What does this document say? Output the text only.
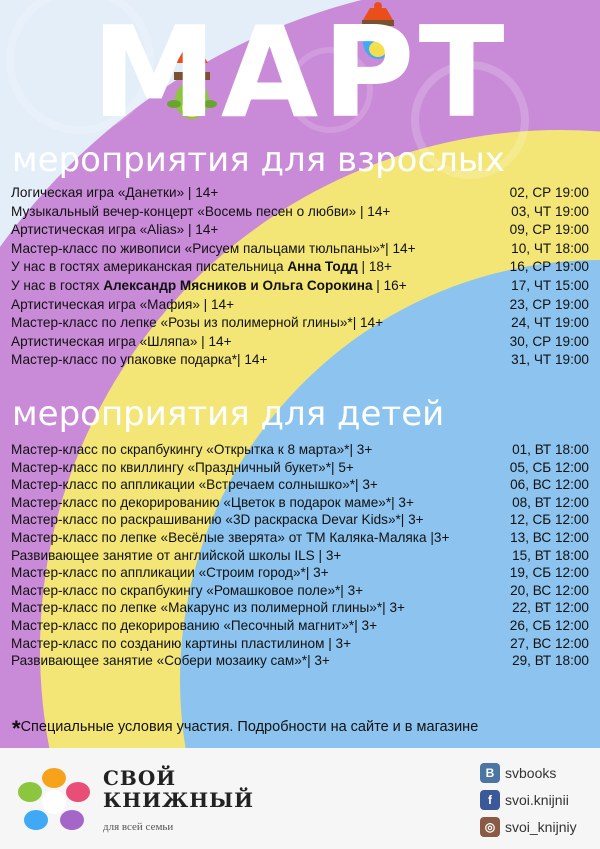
МАРТ
мероприятия для взрослых
Логическая игра «Данетки» | 14+	02, СР 19:00
Музыкальный вечер-концерт «Восемь песен о любви» | 14+	03, ЧТ 19:00
Артистическая игра «Alias» | 14+	09, СР 19:00
Мастер-класс по живописи «Рисуем пальцами тюльпаны»*| 14+	10, ЧТ 18:00
У нас в гостях американская писательница Анна Тодд | 18+	16, СР 19:00
У нас в гостях Александр Мясников и Ольга Сорокина | 16+	17, ЧТ 15:00
Артистическая игра «Мафия» | 14+	23, СР 19:00
Мастер-класс по лепке «Розы из полимерной глины»*| 14+	24, ЧТ 19:00
Артистическая игра «Шляпа» | 14+	30, СР 19:00
Мастер-класс по упаковке подарка*| 14+	31, ЧТ 19:00
мероприятия для детей
Мастер-класс по скрапбукингу «Открытка к 8 марта»*| 3+	01, ВТ 18:00
Мастер-класс по квиллингу «Праздничный букет»*| 5+	05, СБ 12:00
Мастер-класс по аппликации «Встречаем солнышко»*| 3+	06, ВС 12:00
Мастер-класс по декорированию «Цветок в подарок маме»*| 3+	08, ВТ 12:00
Мастер-класс по раскрашиванию «3D раскраска Devar Kids»*| 3+	12, СБ 12:00
Мастер-класс по лепке «Весёлые зверята» от ТМ Каляка-Маляка |3+	13, ВС 12:00
Развивающее занятие от английской школы ILS | 3+	15, ВТ 18:00
Мастер-класс по аппликации «Строим город»*| 3+	19, СБ 12:00
Мастер-класс по скрапбукингу «Ромашковое поле»*| 3+	20, ВС 12:00
Мастер-класс по лепке «Макарунс из полимерной глины»*| 3+	22, ВТ 12:00
Мастер-класс по декорированию «Песочный магнит»*| 3+	26, СБ 12:00
Мастер-класс по созданию картины пластилином | 3+	27, ВС 12:00
Развивающее занятие «Собери мозаику сам»*| 3+	29, ВТ 18:00
*Специальные условия участия. Подробности на сайте и в магазине
СВОЙ
КНИЖНЫЙ
для всей семьи
B svbooks
f svoi.knijnii
◎ svoi_knijniy
